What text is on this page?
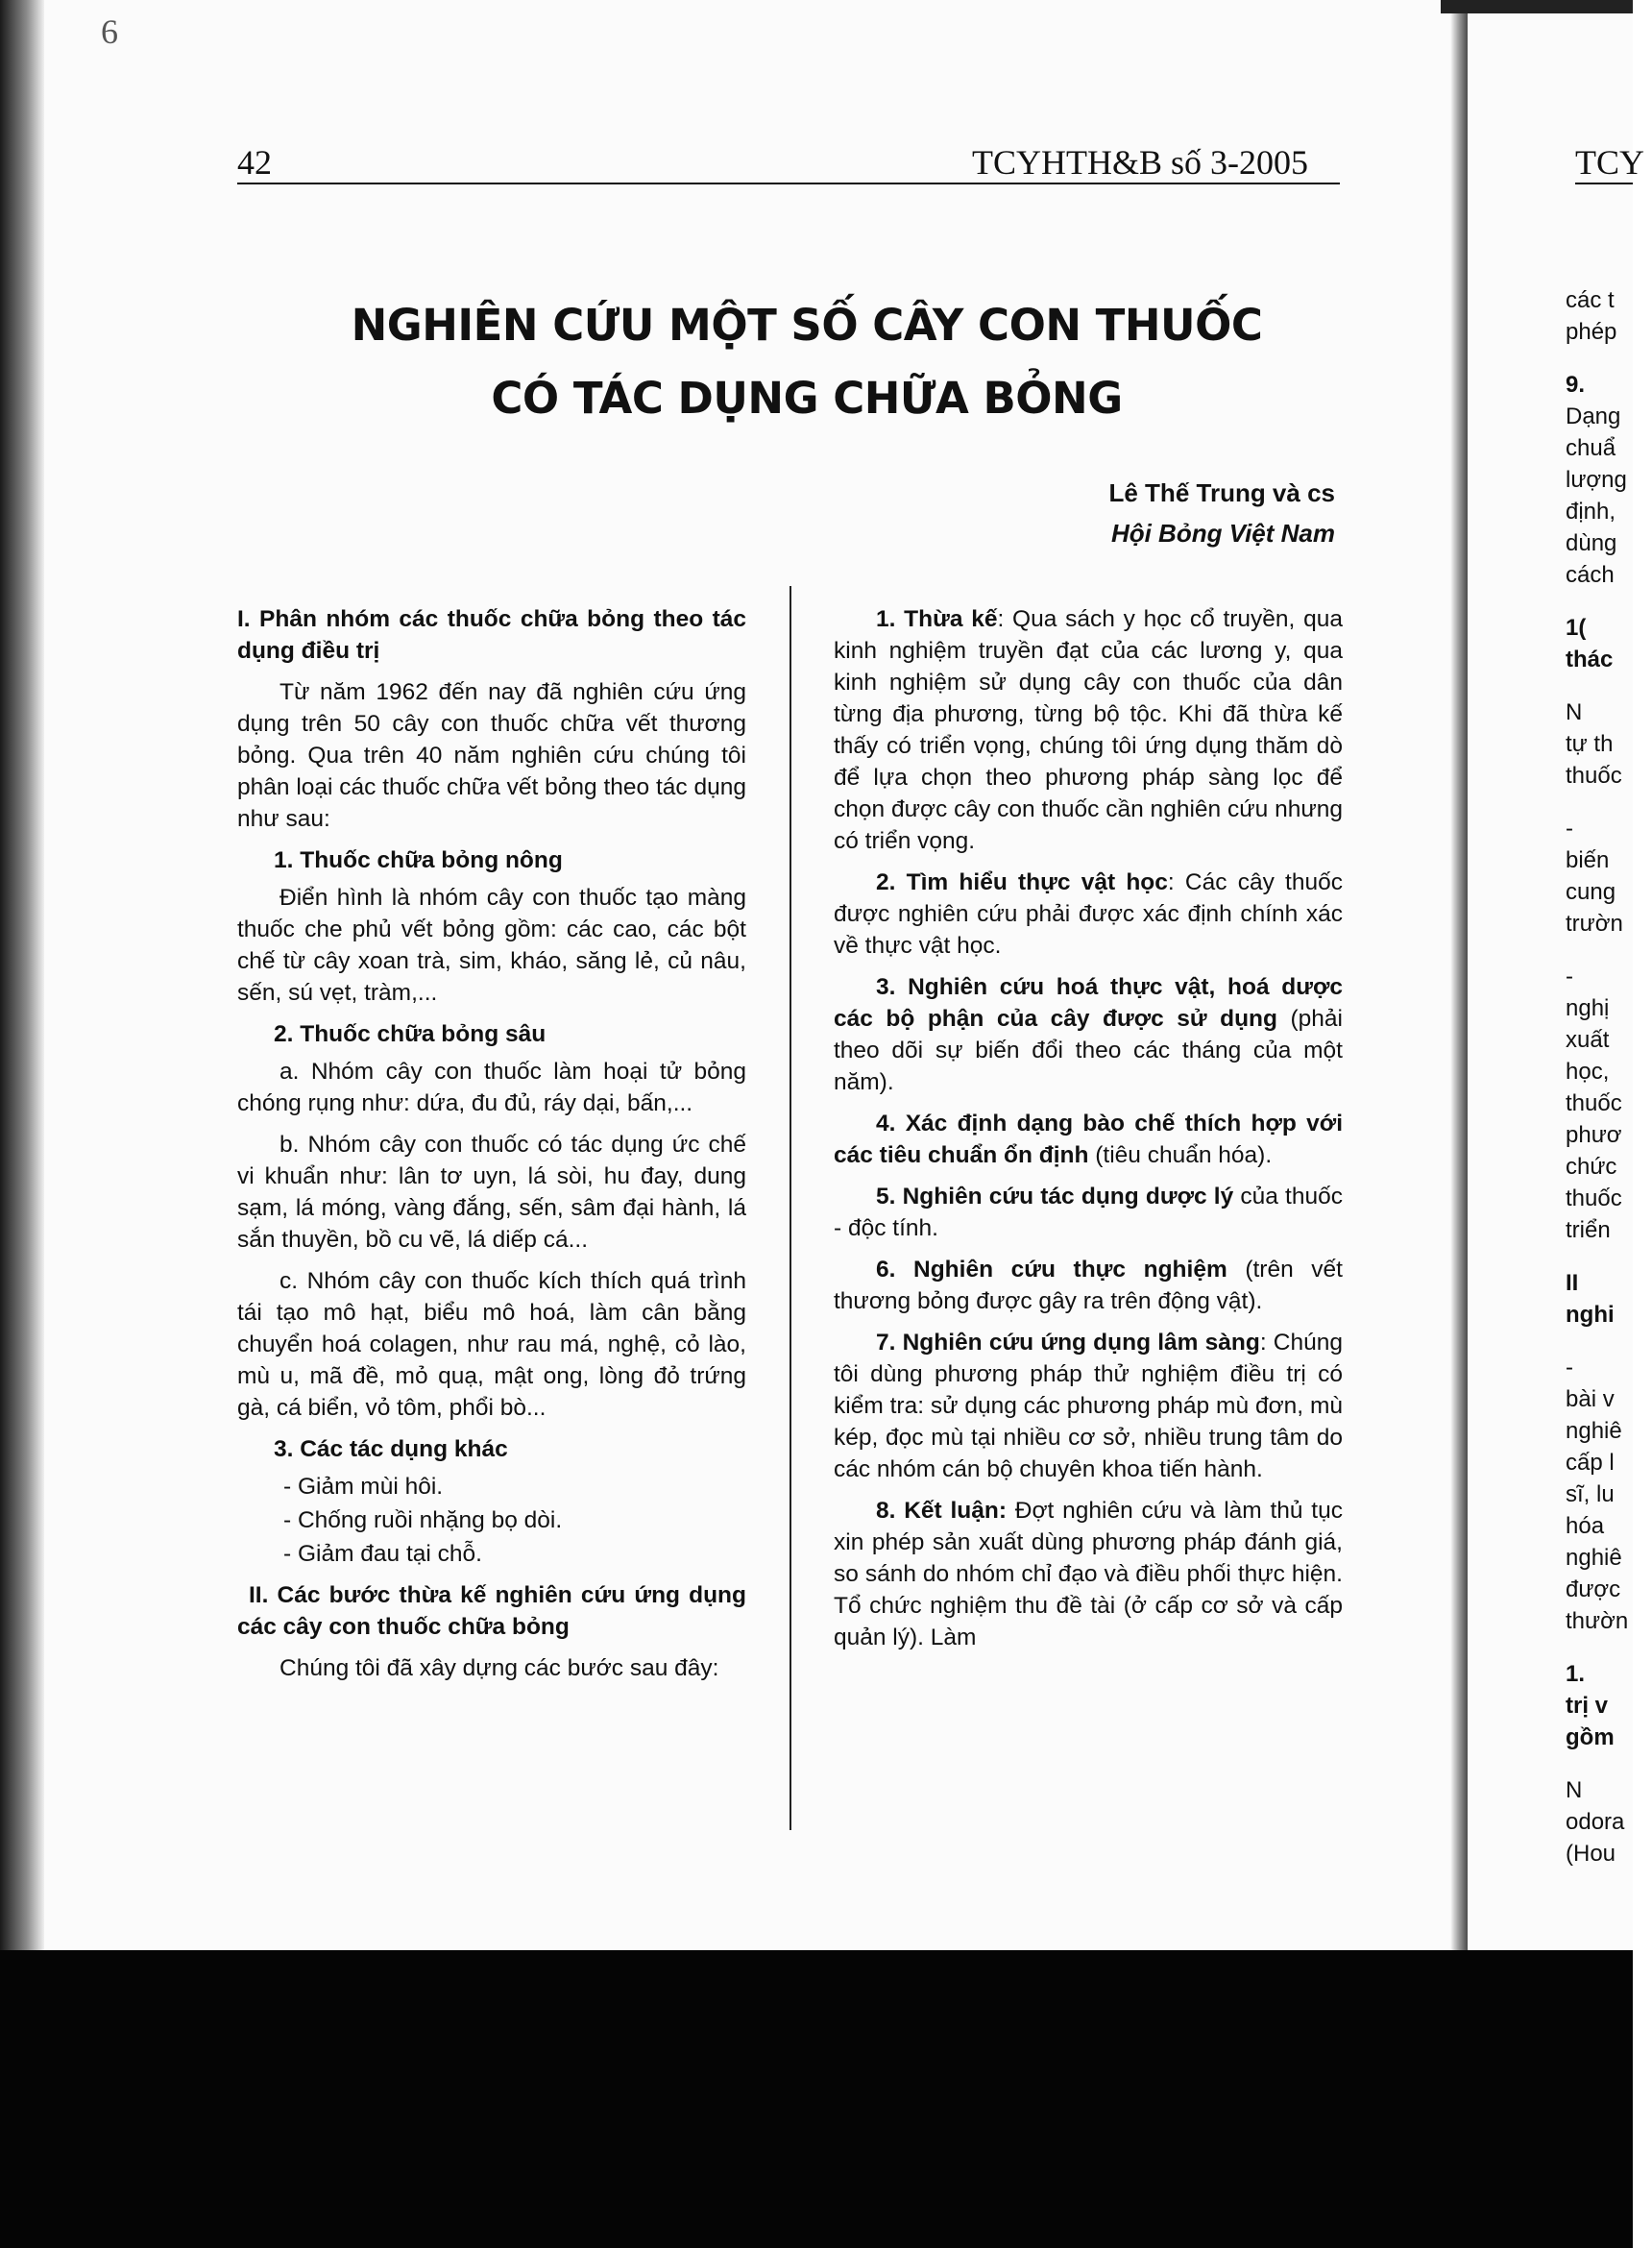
6
42	TCYHTH&B số 3-2005	TCY
NGHIÊN CỨU MỘT SỐ CÂY CON THUỐC
CÓ TÁC DỤNG CHỮA BỎNG
Lê Thế Trung và cs
Hội Bỏng Việt Nam

I. Phân nhóm các thuốc chữa bỏng theo tác dụng điều trị

Từ năm 1962 đến nay đã nghiên cứu ứng dụng trên 50 cây con thuốc chữa vết thương bỏng. Qua trên 40 năm nghiên cứu chúng tôi phân loại các thuốc chữa vết bỏng theo tác dụng như sau:

1. Thuốc chữa bỏng nông

Điển hình là nhóm cây con thuốc tạo màng thuốc che phủ vết bỏng gồm: các cao, các bột chế từ cây xoan trà, sim, kháo, săng lẻ, củ nâu, sến, sú vẹt, tràm,...

2. Thuốc chữa bỏng sâu

a. Nhóm cây con thuốc làm hoại tử bỏng chóng rụng như: dứa, đu đủ, ráy dại, bấn,...

b. Nhóm cây con thuốc có tác dụng ức chế vi khuẩn như: lân tơ uyn, lá sòi, hu đay, dung sạm, lá móng, vàng đắng, sến, sâm đại hành, lá sắn thuyền, bồ cu vẽ, lá diếp cá...

c. Nhóm cây con thuốc kích thích quá trình tái tạo mô hạt, biểu mô hoá, làm cân bằng chuyển hoá colagen, như rau má, nghệ, cỏ lào, mù u, mã đề, mỏ quạ, mật ong, lòng đỏ trứng gà, cá biển, vỏ tôm, phổi bò...

3. Các tác dụng khác

- Giảm mùi hôi.

- Chống ruồi nhặng bọ dòi.

- Giảm đau tại chỗ.

II. Các bước thừa kế nghiên cứu ứng dụng các cây con thuốc chữa bỏng

Chúng tôi đã xây dựng các bước sau đây:

1. Thừa kế: Qua sách y học cổ truyền, qua kinh nghiệm truyền đạt của các lương y, qua kinh nghiệm sử dụng cây con thuốc của dân từng địa phương, từng bộ tộc. Khi đã thừa kế thấy có triển vọng, chúng tôi ứng dụng thăm dò để lựa chọn theo phương pháp sàng lọc để chọn được cây con thuốc cần nghiên cứu nhưng có triển vọng.

2. Tìm hiểu thực vật học: Các cây thuốc được nghiên cứu phải được xác định chính xác về thực vật học.

3. Nghiên cứu hoá thực vật, hoá dược các bộ phận của cây được sử dụng (phải theo dõi sự biến đổi theo các tháng của một năm).

4. Xác định dạng bào chế thích hợp với các tiêu chuẩn ổn định (tiêu chuẩn hóa).

5. Nghiên cứu tác dụng dược lý của thuốc - độc tính.

6. Nghiên cứu thực nghiệm (trên vết thương bỏng được gây ra trên động vật).

7. Nghiên cứu ứng dụng lâm sàng: Chúng tôi dùng phương pháp thử nghiệm điều trị có kiểm tra: sử dụng các phương pháp mù đơn, mù kép, đọc mù tại nhiều cơ sở, nhiều trung tâm do các nhóm cán bộ chuyên khoa tiến hành.

8. Kết luận: Đợt nghiên cứu và làm thủ tục xin phép sản xuất dùng phương pháp đánh giá, so sánh do nhóm chỉ đạo và điều phối thực hiện. Tổ chức nghiệm thu đề tài (ở cấp cơ sở và cấp quản lý). Làm

các t
phép
9.
Dạng
chuẩ
lượng
định,
dùng
cách
1(
thác
N
tự th
thuốc
-
biến
cung
trườn
-
nghị
xuất
học,
thuốc
phươ
chức
thuốc
triển
II
nghi
-
bài v
nghiê
cấp l
sĩ, lu
hóa
nghiê
được
thườn
1.
trị v
gồm
N
odora
(Hou
